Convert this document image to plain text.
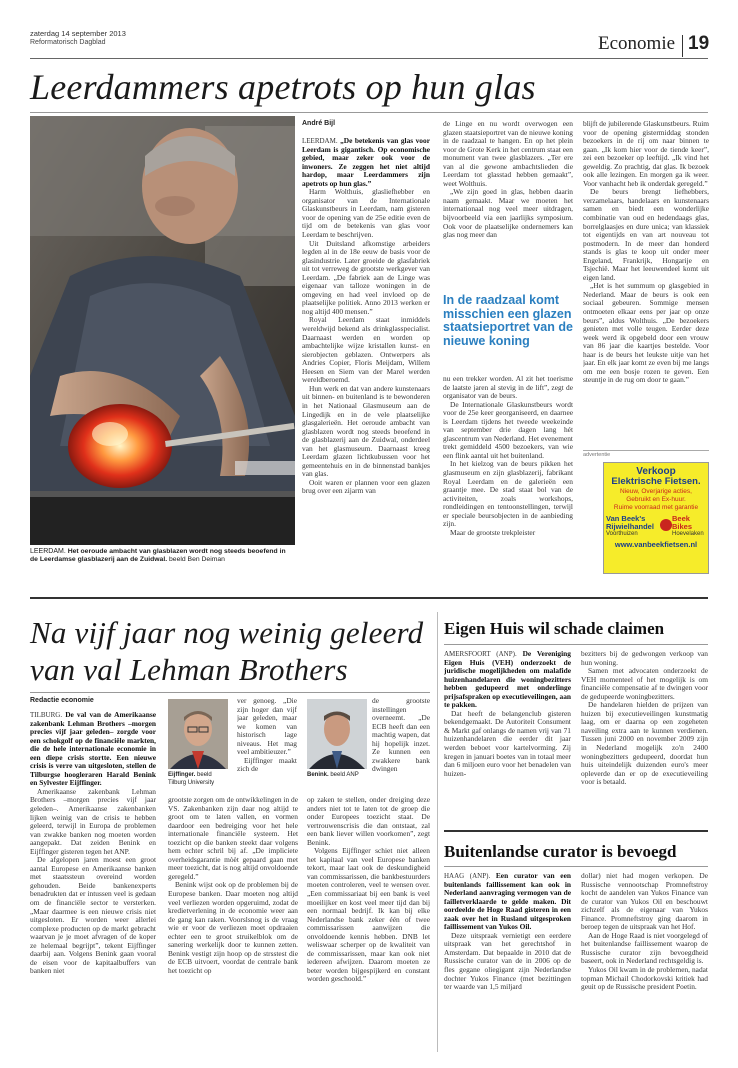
zaterdag 14 september 2013
Reformatorisch Dagblad	Economie 19
Leerdammers apetrots op hun glas
LEERDAM. Het oeroude ambacht van glasblazen wordt nog steeds beoefend in de Leerdamse glasblazerij aan de Zuidwal. beeld Ben Deiman
André Bijl

LEERDAM. „De betekenis van glas voor Leerdam is gigantisch. Op economische gebied, maar zeker ook voor de inwoners. Ze zeggen het niet altijd hardop, maar Leerdammers zijn apetrots op hun glas.”

Harm Wolthuis, glasliefhebber en organisator van de Internationale Glaskunstbeurs in Leerdam, nam gisteren voor de opening van de 25e editie even de tijd om de betekenis van glas voor Leerdam te beschrijven.

Uit Duitsland afkomstige arbeiders legden al in de 18e eeuw de basis voor de glasindustrie. Later groeide de glasfabriek uit tot verreweg de grootste werkgever van Leerdam. „De fabriek aan de Linge was eigenaar van talloze woningen in de omgeving en had veel invloed op de plaatselijke politiek. Anno 2013 werken er nog altijd 400 mensen.”

Royal Leerdam staat inmiddels wereldwijd bekend als drinkglasspecialist. Daarnaast werden en worden op ambachtelijke wijze kristallen kunst- en sierobjecten geblazen. Ontwerpers als Andries Copier, Floris Meijdam, Willem Heesen en Siem van der Marel werden wereldberoemd.

Hun werk en dat van andere kunstenaars uit binnen- en buitenland is te bewonderen in het Nationaal Glasmuseum aan de Lingedijk en in de vele plaatselijke glasgalerieën. Het oeroude ambacht van glasblazen wordt nog steeds beoefend in de glasblazerij aan de Zuidwal, onderdeel van het glasmuseum. Daarnaast kreeg Leerdam glazen lichtkubussen voor het gemeentehuis en in de binnenstad bankjes van glas.

Ooit waren er plannen voor een glazen brug over een zijarm van

de Linge en nu wordt overwogen een glazen staatsieportret van de nieuwe koning in de raadzaal te hangen. En op het plein voor de Grote Kerk in het centrum staat een monument van twee glasblazers. „Ter ere van al die gewone ambachtslieden die Leerdam tot glasstad hebben gemaakt”, weet Wolthuis.

„We zijn goed in glas, hebben daarin naam gemaakt. Maar we moeten het internationaal nog veel meer uitdragen, bijvoorbeeld via een jaarlijks symposium. Ook voor de plaatselijke ondernemers kan glas nog meer dan

In de raadzaal komt misschien een glazen staatsieportret van de nieuwe koning

nu een trekker worden. Al zit het toerisme de laatste jaren al stevig in de lift”, zegt de organisator van de beurs.

De Internationale Glaskunstbeurs wordt voor de 25e keer georganiseerd, en daarnee is Leerdam tijdens het tweede weekeinde van september drie dagen lang hét glascentrum van Nederland. Het evenement trekt gemiddeld 4500 bezoekers, van wie een flink aantal uit het buitenland.

In het kielzog van de beurs pikken het glasmuseum en zijn glasblazerij, fabrikant Royal Leerdam en de galerieën een graantje mee. De stad staat bol van de activiteiten, zoals workshops, rondleidingen en tentoonstellingen, terwijl er speciale beursobjecten in de aanbieding zijn.

Maar de grootste trekpleister

blijft de jubilerende Glaskunstbeurs. Ruim voor de opening gistermiddag stonden bezoekers in de rij om naar binnen te gaan. „Ik kom hier voor de tiende keer”, zei een bezoeker op leeftijd. „Ik vind het geweldig. Zo prachtig, dat glas. Ik bezoek ook alle lezingen. En morgen ga ik weer. Voor vanhacht heb ik onderdak geregeld.”

De beurs brengt liefhebbers, verzamelaars, handelaars en kunstenaars samen en biedt een wonderlijke combinatie van oud en hedendaags glas, borrelglaasjes en dure unica; van klassiek tot eigentijds en van art nouveau tot postmodern. In de meer dan honderd stands is glas te koop uit onder meer Engeland, Frankrijk, Hongarije en Tsjechië. Maar het leeuwendeel komt uit eigen land.

„Het is het summum op glasgebied in Nederland. Maar de beurs is ook een sociaal gebeuren. Sommige mensen ontmoeten elkaar eens per jaar op onze beurs”, aldus Wolthuis. „De bezoekers genieten met volle teugen. Eerder deze week werd ik opgebeld door een vrouw van 86 jaar die kaartjes bestelde. Voor haar is de beurs het leukste uitje van het jaar. En elk jaar komt ze even bij me langs om me een bosje rozen te geven. Een steuntje in de rug om door te gaan.”

advertentie
Verkoop
Elektrische Fietsen.
Nieuw, Overjarige acties,
Gebruikt en Ex-huur.
Ruime voorraad met garantie
Van Beek's
Rijwielhandel
Voorthuizen
Beek
Bikes
Hoevelaken
www.vanbeekfietsen.nl
Na vijf jaar nog weinig geleerd
van val Lehman Brothers
Redactie economie

TILBURG. De val van de Amerikaanse zakenbank Lehman Brothers –morgen precies vijf jaar geleden– zorgde voor een schokgolf op de financiële markten, die de hele internationale economie in een diepe crisis stortte. Een nieuwe crisis is verre van uitgesloten, stellen de Tilburgse hoogleraren Harald Benink en Sylvester Eijffinger.

Amerikaanse zakenbank Lehman Brothers –morgen precies vijf jaar geleden–. Amerikaanse zakenbanken lijken weinig van de crisis te hebben geleerd, terwijl in Europa de problemen van zwakke banken nog moeten worden aangepakt. Dat zeiden Benink en Eijffinger gisteren tegen het ANP.

De afgelopen jaren moest een groot aantal Europese en Amerikaanse banken met staatssteun overeind worden gehouden. Beide bankenexperts benadrukten dat er intussen veel is gedaan om de financiële sector te versterken. „Maar daarmee is een nieuwe crisis niet uitgesloten. Er worden weer allerlei complexe producten op de markt gebracht waarvan je je moet afvragen of de koper ze helemaal begrijpt”, tekent Eijffinger daarbij aan. Volgens Benink gaan vooral de eisen voor de kapitaalbuffers van banken niet

Eijffinger. beeld Tilburg University

ver genoeg. „Die zijn hoger dan vijf jaar geleden, maar we komen van historisch lage niveaus. Het mag veel ambitieuzer.”

Eijffinger maakt zich de

grootste zorgen om de ontwikkelingen in de VS. Zakenbanken zijn daar nog altijd te groot om te laten vallen, en vormen daardoor een bedreiging voor het hele internationale financiële systeem. Het toezicht op die banken steekt daar volgens hem echter schril bij af. „De impliciete overheidsgarantie mòèt gepaard gaan met meer toezicht, dat is nog altijd onvoldoende geregeld.”

Benink wijst ook op de problemen bij de Europese banken. Daar moeten nog altijd veel verliezen worden opgeruimd, zodat de kredietverlening in de economie weer aan de gang kan raken. Voorslsnog is de vraag wie er voor de verliezen moet opdraaien echter een te groot struikelblok om de sanering werkelijk door te kunnen zetten. Benink vestigt zijn hoop op de strsstest die de ECB uitvoert, voordat de centrale bank het toezicht op

Benink. beeld ANP

de grootste instellingen overneemt. „De ECB heeft dan een machtig wapen, dat hij hopelijk inzet. Ze kunnen een zwakkere bank dwingen

op zaken te stellen, onder dreiging deze anders niet tot te laten tot de groep die onder Europees toezicht staat. De vertrouwenscrisis die dan ontstaat, zal een bank liever willen voorkomen”, zegt Benink.

Volgens Eijffinger schiet niet alleen het kapitaal van veel Europese banken tekort, maar laat ook de deskundigheid van commissarissen, die bankbestuurders moeten controleren, veel te wensen over. „Een commissariaat bij een bank is veel moeilijker en kost veel meer tijd dan bij een normaal bedrijf. Ik kan bij elke Nederlandse bank zeker één of twee commissarissen aanwijzen die onvoldoende kennis hebben. DNB let weliswaar scherper op de kwaliteit van de commissarissen, maar kan ook niet iedereen afwijzen. Daarom moeten ze beter worden bijgespijkerd en constant worden geschoold.”

Eigen Huis wil schade claimen

AMERSFOORT (ANP). De Vereniging Eigen Huis (VEH) onderzoekt de juridische mogelijkheden om malafide huizenhandelaren die woningbezitters hebben gedupeerd met onderlinge prijsafspraken op executieveilingen, aan te pakken.

Dat heeft de belangenclub gisteren bekendgemaakt. De Autoriteit Consument & Markt gaf onlangs de namen vrij van 71 huizenhandelaren die eerder dit jaar werden beboet voor kartelvorming. Zij kregen in januari boetes van in totaal meer dan 6 miljoen euro voor het benadelen van huizen-

bezitters bij de gedwongen verkoop van hun woning.

Samen met advocaten onderzoekt de VEH momenteel of het mogelijk is om financiële compensatie af te dwingen voor de gedupeerde woningbezitters.

De handelaren hielden de prijzen van huizen bij executieveilingen kunstmatig laag, om er daarna op een zogeheten naveiling extra aan te kunnen verdienen. Tussen juni 2000 en november 2009 zijn in Nederland mogelijk zo'n 2400 woningbezitters gedupeerd, doordat hun huis uiteindelijk duizenden euro's meer opleverde dan er op de executieveiling voor is betaald.

Buitenlandse curator is bevoegd

HAAG (ANP). Een curator van een buitenlands faillissement kan ook in Nederland aanvraging vermogen van de failletverklaarde te gelde maken. Dit oordeelde de Hoge Raad gisteren in een zaak over het in Rusland uitgesproken faillissement van Yukos Oil.

Deze uitspraak vernietigt een eerdere uitspraak van het gerechtshof in Amsterdam. Dat bepaalde in 2010 dat de Russische curator van de in 2006 op de fles gegane oliegigant zijn Nederlandse dochter Yukos Finance (met bezittingen ter waarde van 1,5 miljard

dollar) niet had mogen verkopen. De Russische vennootschap Promneftstroy kocht de aandelen van Yukos Finance van de curator van Yukos Oil en beschouwt zichzelf als de eigenaar van Yukos Finance. Promneftstroy ging daarom in beroep tegen de uitspraak van het Hof.

Aan de Hoge Raad is niet voorgelegd of het buitenlandse faillissement waarop de Russische curator zijn bevoegdheid baseert, ook in Nederland rechtsgeldig is.

Yukos Oil kwam in de problemen, nadat topman Michail Chodorkovski kritiek had geuit op de Russische president Poetin.
